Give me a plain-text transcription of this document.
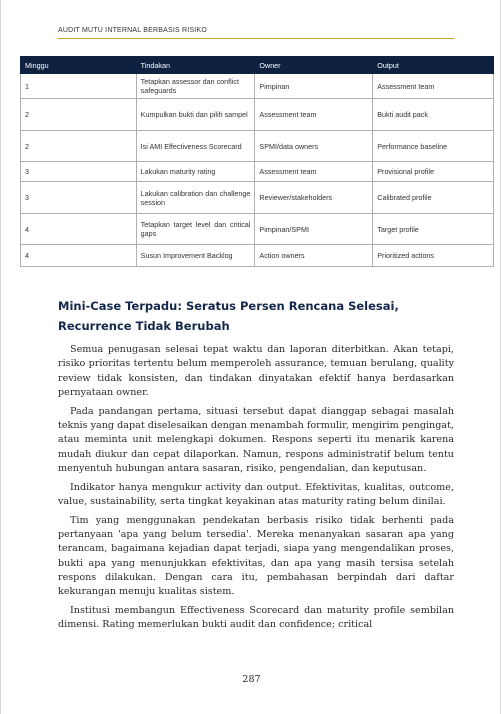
AUDIT MUTU INTERNAL BERBASIS RISIKO
Minggu	Tindakan	Owner	Output
1	Tetapkan assessor dan conflict safeguards	Pimpinan	Assessment team
2	Kumpulkan bukti dan pilih sampel	Assessment team	Bukti audit pack
2	Isi AMI Effectiveness Scorecard	SPMI/data owners	Performance baseline
3	Lakukan maturity rating	Assessment team	Provisional profile
3	Lakukan calibration dan challenge session	Reviewer/stakeholders	Calibrated profile
4	Tetapkan target level dan critical gaps	Pimpinan/SPMI	Target profile
4	Susun Improvement Backlog	Action owners	Prioritized actions
Mini-Case Terpadu: Seratus Persen Rencana Selesai, Recurrence Tidak Berubah

Semua penugasan selesai tepat waktu dan laporan diterbitkan. Akan tetapi, risiko prioritas tertentu belum memperoleh assurance, temuan berulang, quality review tidak konsisten, dan tindakan dinyatakan efektif hanya berdasarkan pernyataan owner.

Pada pandangan pertama, situasi tersebut dapat dianggap sebagai masalah teknis yang dapat diselesaikan dengan menambah formulir, mengirim pengingat, atau meminta unit melengkapi dokumen. Respons seperti itu menarik karena mudah diukur dan cepat dilaporkan. Namun, respons administratif belum tentu menyentuh hubungan antara sasaran, risiko, pengendalian, dan keputusan.

Indikator hanya mengukur activity dan output. Efektivitas, kualitas, outcome, value, sustainability, serta tingkat keyakinan atas maturity rating belum dinilai.

Tim yang menggunakan pendekatan berbasis risiko tidak berhenti pada pertanyaan 'apa yang belum tersedia'. Mereka menanyakan sasaran apa yang terancam, bagaimana kejadian dapat terjadi, siapa yang mengendalikan proses, bukti apa yang menunjukkan efektivitas, dan apa yang masih tersisa setelah respons dilakukan. Dengan cara itu, pembahasan berpindah dari daftar kekurangan menuju kualitas sistem.

Institusi membangun Effectiveness Scorecard dan maturity profile sembilan dimensi. Rating memerlukan bukti audit dan confidence; critical

287
